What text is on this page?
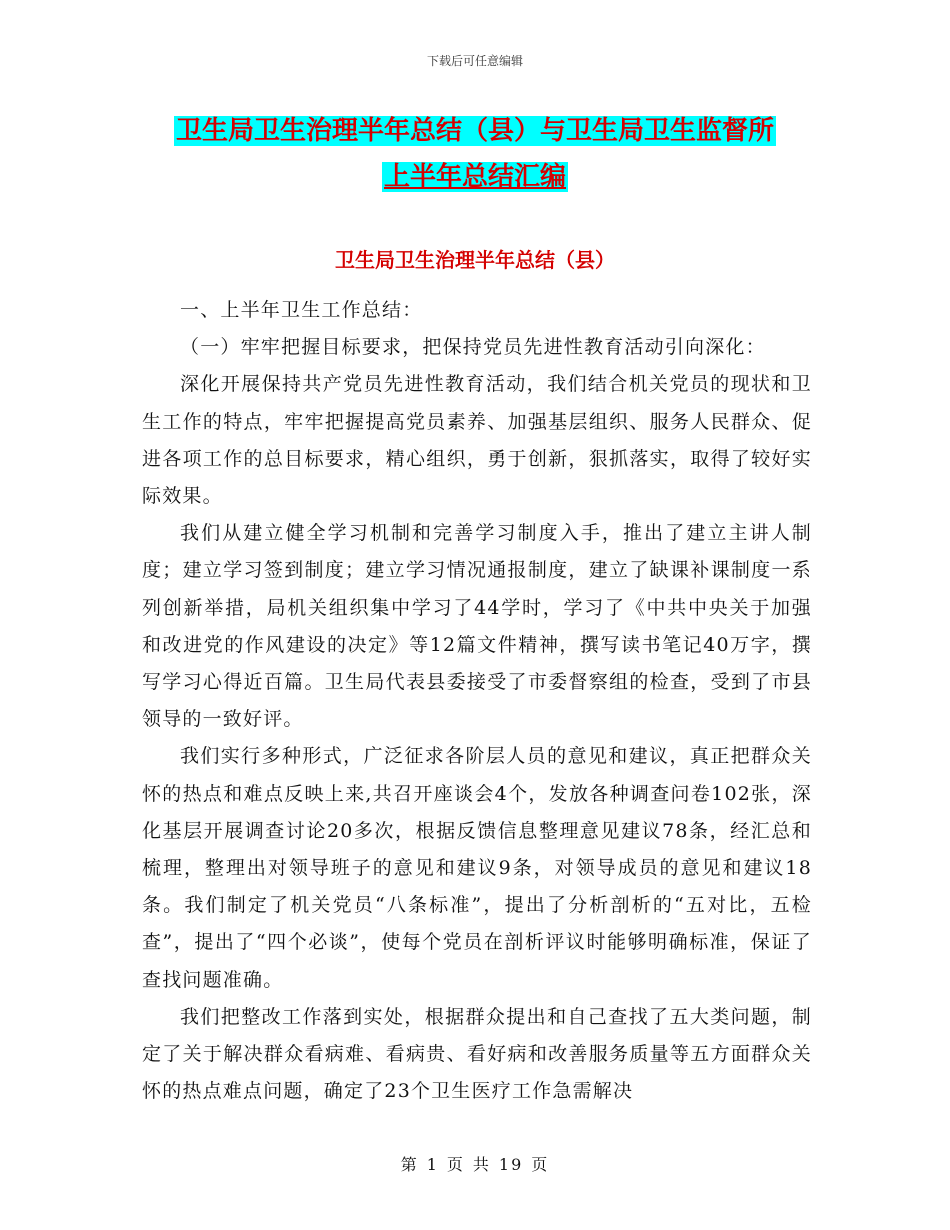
下载后可任意编辑
卫生局卫生治理半年总结（县）与卫生局卫生监督所
上半年总结汇编
卫生局卫生治理半年总结（县）

一、上半年卫生工作总结：

（一）牢牢把握目标要求，把保持党员先进性教育活动引向深化：

深化开展保持共产党员先进性教育活动，我们结合机关党员的现状和卫生工作的特点，牢牢把握提高党员素养、加强基层组织、服务人民群众、促进各项工作的总目标要求，精心组织，勇于创新，狠抓落实，取得了较好实际效果。

我们从建立健全学习机制和完善学习制度入手，推出了建立主讲人制度；建立学习签到制度；建立学习情况通报制度，建立了缺课补课制度一系列创新举措，局机关组织集中学习了44学时，学习了《中共中央关于加强和改进党的作风建设的决定》等12篇文件精神，撰写读书笔记40万字，撰写学习心得近百篇。卫生局代表县委接受了市委督察组的检查，受到了市县领导的一致好评。

我们实行多种形式，广泛征求各阶层人员的意见和建议，真正把群众关怀的热点和难点反映上来,共召开座谈会4个，发放各种调查问卷102张，深化基层开展调查讨论20多次，根据反馈信息整理意见建议78条，经汇总和梳理，整理出对领导班子的意见和建议9条，对领导成员的意见和建议18条。我们制定了机关党员“八条标准”，提出了分析剖析的“五对比，五检查”，提出了“四个必谈”，使每个党员在剖析评议时能够明确标准，保证了查找问题准确。

我们把整改工作落到实处，根据群众提出和自己查找了五大类问题，制定了关于解决群众看病难、看病贵、看好病和改善服务质量等五方面群众关怀的热点难点问题，确定了23个卫生医疗工作急需解决

第 1 页 共 19 页
